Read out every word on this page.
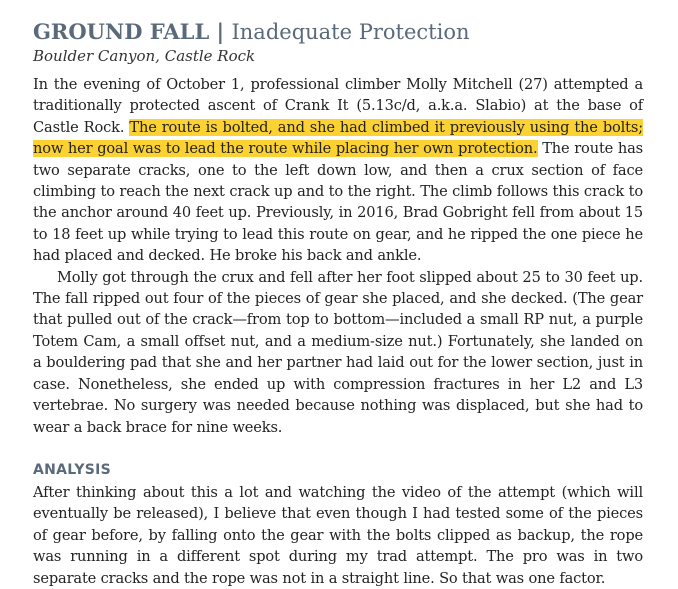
GROUND FALL | Inadequate Protection

Boulder Canyon, Castle Rock

In the evening of October 1, professional climber Molly Mitchell (27) attempted a traditionally protected ascent of Crank It (5.13c/d, a.k.a. Slabio) at the base of Castle Rock. The route is bolted, and she had climbed it previously using the bolts; now her goal was to lead the route while placing her own protection. The route has two separate cracks, one to the left down low, and then a crux section of face climbing to reach the next crack up and to the right. The climb follows this crack to the anchor around 40 feet up. Previously, in 2016, Brad Gobright fell from about 15 to 18 feet up while trying to lead this route on gear, and he ripped the one piece he had placed and decked. He broke his back and ankle.

Molly got through the crux and fell after her foot slipped about 25 to 30 feet up. The fall ripped out four of the pieces of gear she placed, and she decked. (The gear that pulled out of the crack—from top to bottom—included a small RP nut, a purple Totem Cam, a small offset nut, and a medium-size nut.) Fortunately, she landed on a bouldering pad that she and her partner had laid out for the lower section, just in case. Nonetheless, she ended up with compression fractures in her L2 and L3 vertebrae. No surgery was needed because nothing was displaced, but she had to wear a back brace for nine weeks.

ANALYSIS

After thinking about this a lot and watching the video of the attempt (which will eventually be released), I believe that even though I had tested some of the pieces of gear before, by falling onto the gear with the bolts clipped as backup, the rope was running in a different spot during my trad attempt. The pro was in two separate cracks and the rope was not in a straight line. So that was one factor.
